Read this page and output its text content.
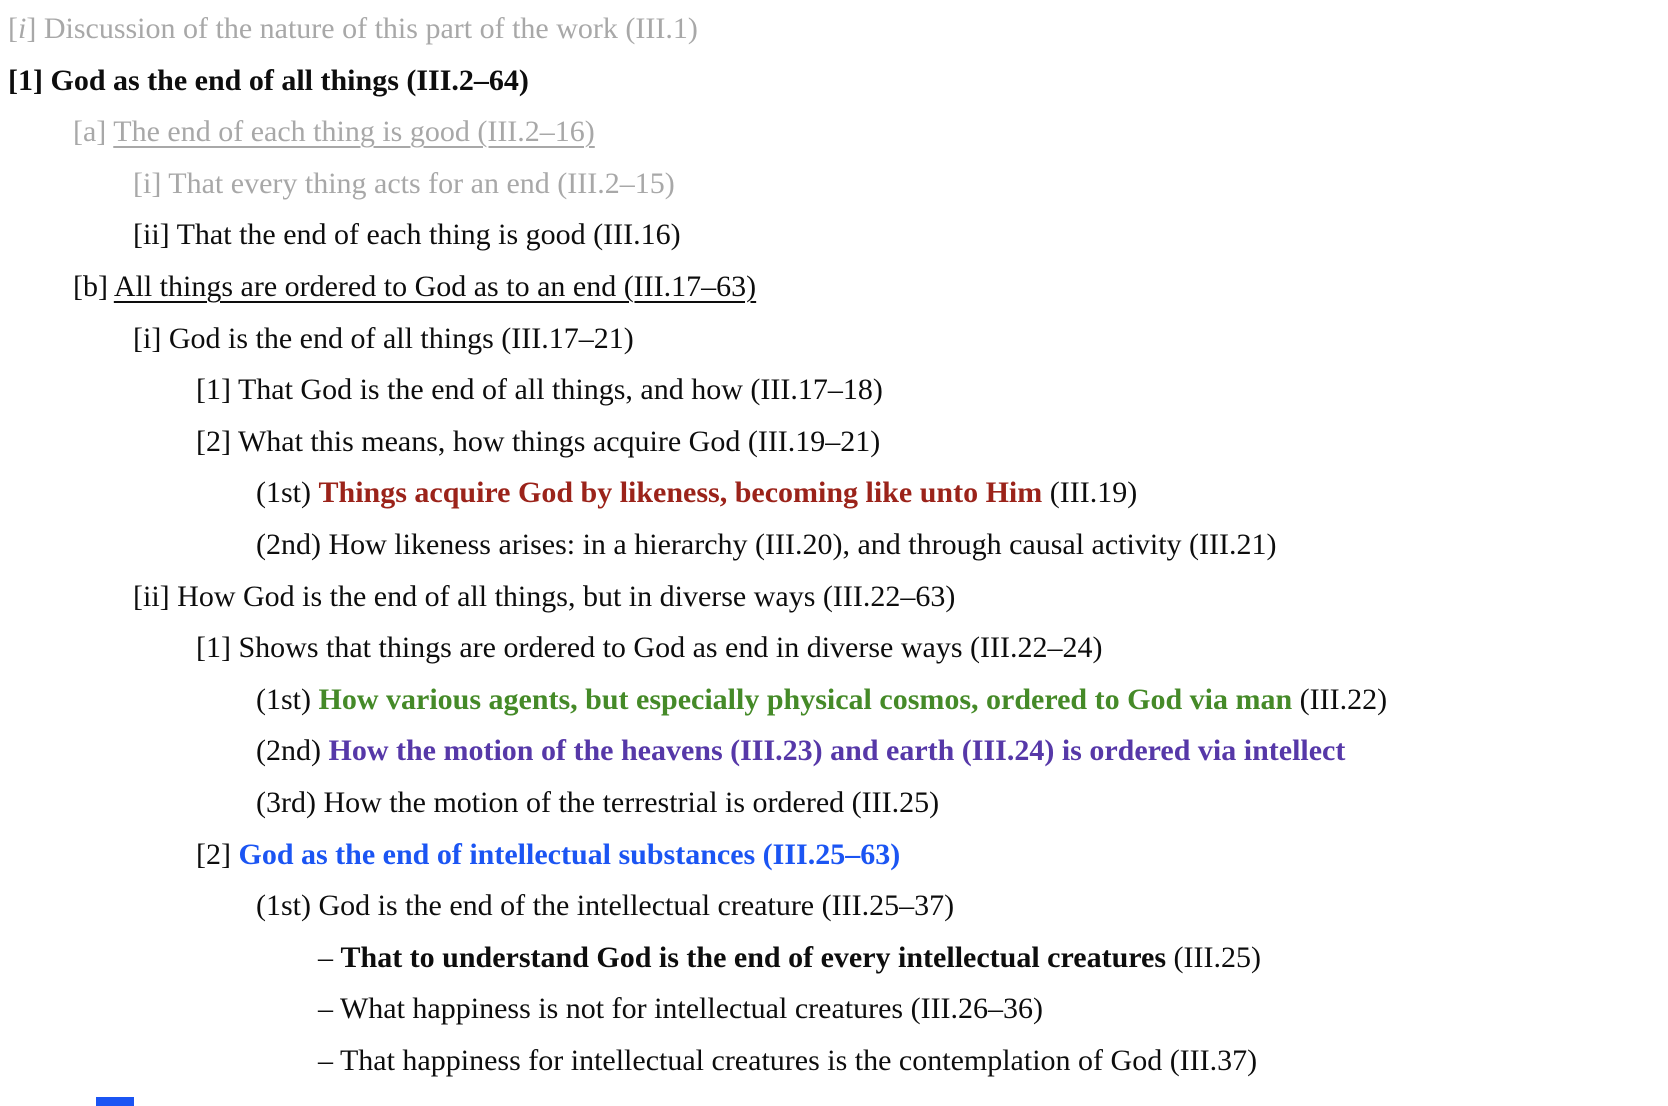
[i] Discussion of the nature of this part of the work (III.1)
[1] God as the end of all things (III.2–64)
[a] The end of each thing is good (III.2–16)
[i] That every thing acts for an end (III.2–15)
[ii] That the end of each thing is good (III.16)
[b] All things are ordered to God as to an end (III.17–63)
[i] God is the end of all things (III.17–21)
[1] That God is the end of all things, and how (III.17–18)
[2] What this means, how things acquire God (III.19–21)
(1st) Things acquire God by likeness, becoming like unto Him (III.19)
(2nd) How likeness arises: in a hierarchy (III.20), and through causal activity (III.21)
[ii] How God is the end of all things, but in diverse ways (III.22–63)
[1] Shows that things are ordered to God as end in diverse ways (III.22–24)
(1st) How various agents, but especially physical cosmos, ordered to God via man (III.22)
(2nd) How the motion of the heavens (III.23) and earth (III.24) is ordered via intellect
(3rd) How the motion of the terrestrial is ordered (III.25)
[2] God as the end of intellectual substances (III.25–63)
(1st) God is the end of the intellectual creature (III.25–37)
– That to understand God is the end of every intellectual creatures (III.25)
– What happiness is not for intellectual creatures (III.26–36)
– That happiness for intellectual creatures is the contemplation of God (III.37)
